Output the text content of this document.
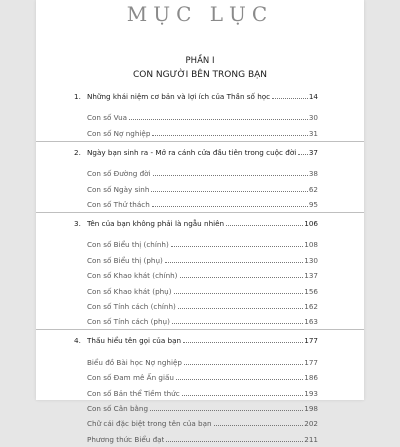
MỤC LỤC
PHẦN I
CON NGƯỜI BÊN TRONG BẠN
1. Những khái niệm cơ bản và lợi ích của Thần số học	14
Con số Vua	30
Con số Nợ nghiệp	31
2. Ngày bạn sinh ra - Mở ra cánh cửa đầu tiên trong cuộc đời 37
Con số Đường đời	38
Con số Ngày sinh	62
Con số Thử thách	95
3. Tên của bạn không phải là ngẫu nhiên	106
Con số Biểu thị (chính)	108
Con số Biểu thị (phụ)	130
Con số Khao khát (chính)	137
Con số Khao khát (phụ)	156
Con số Tính cách (chính)	162
Con số Tính cách (phụ)	163
4. Thấu hiểu tên gọi của bạn	177
Biểu đồ Bài học Nợ nghiệp	177
Con số Đam mê Ẩn giấu	186
Con số Bản thể Tiềm thức	193
Con số Cân bằng	198
Chữ cái đặc biệt trong tên của bạn	202
Phương thức Biểu đạt	211
